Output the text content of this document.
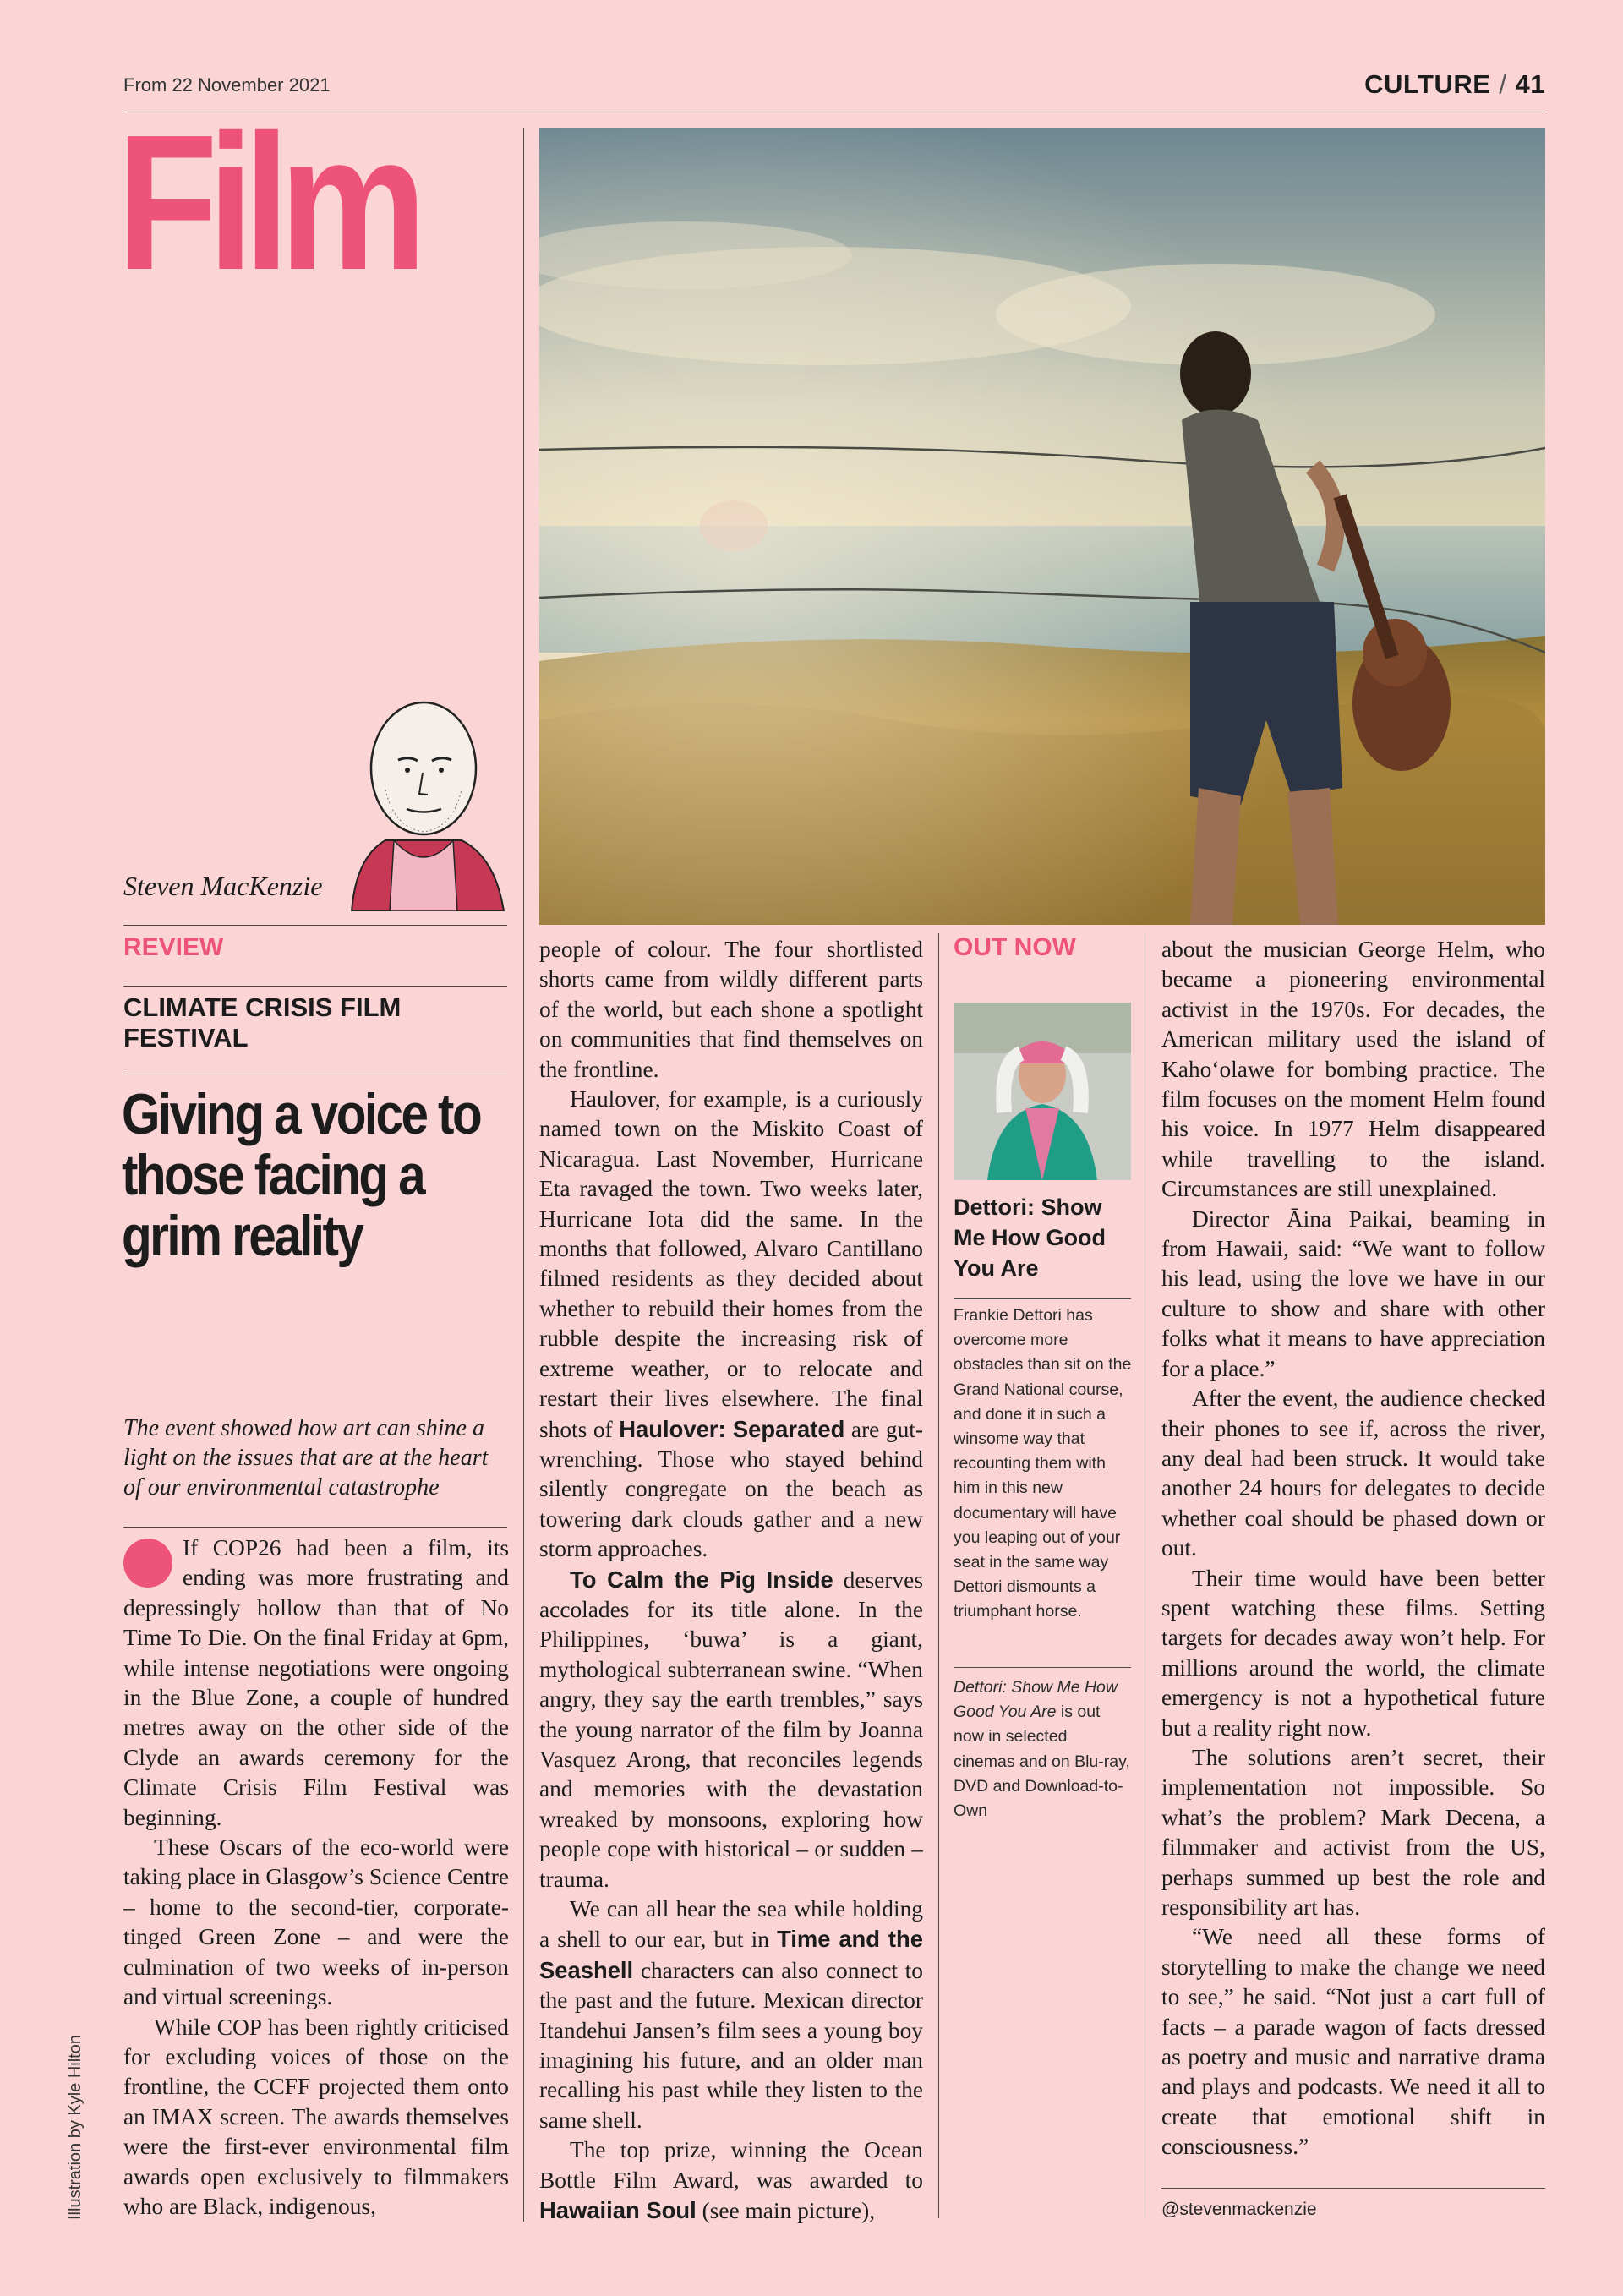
From 22 November 2021	CULTURE / 41
Film
Steven MacKenzie
REVIEW
CLIMATE CRISIS FILM FESTIVAL
Giving a voice to those facing a grim reality
The event showed how art can shine a light on the issues that are at the heart of our environmental catastrophe

If COP26 had been a film, its ending was more frustrating and depressingly hollow than that of No Time To Die. On the final Friday at 6pm, while intense negotiations were ongoing in the Blue Zone, a couple of hundred metres away on the other side of the Clyde an awards ceremony for the Climate Crisis Film Festival was beginning.

These Oscars of the eco-world were taking place in Glasgow’s Science Centre – home to the second-tier, corporate-tinged Green Zone – and were the culmination of two weeks of in-person and virtual screenings.

While COP has been rightly criticised for excluding voices of those on the frontline, the CCFF projected them onto an IMAX screen. The awards themselves were the first-ever environmental film awards open exclusively to filmmakers who are Black, indigenous,

people of colour. The four shortlisted shorts came from wildly different parts of the world, but each shone a spotlight on communities that find themselves on the frontline.

Haulover, for example, is a curiously named town on the Miskito Coast of Nicaragua. Last November, Hurricane Eta ravaged the town. Two weeks later, Hurricane Iota did the same. In the months that followed, Alvaro Cantillano filmed residents as they decided about whether to rebuild their homes from the rubble despite the increasing risk of extreme weather, or to relocate and restart their lives elsewhere. The final shots of Haulover: Separated are gut-wrenching. Those who stayed behind silently congregate on the beach as towering dark clouds gather and a new storm approaches.

To Calm the Pig Inside deserves accolades for its title alone. In the Philippines, ‘buwa’ is a giant, mythological subterranean swine. “When angry, they say the earth trembles,” says the young narrator of the film by Joanna Vasquez Arong, that reconciles legends and memories with the devastation wreaked by monsoons, exploring how people cope with historical – or sudden – trauma.

We can all hear the sea while holding a shell to our ear, but in Time and the Seashell characters can also connect to the past and the future. Mexican director Itandehui Jansen’s film sees a young boy imagining his future, and an older man recalling his past while they listen to the same shell.

The top prize, winning the Ocean Bottle Film Award, was awarded to Hawaiian Soul (see main picture),

OUT NOW
Dettori: Show Me How Good You Are
Frankie Dettori has overcome more obstacles than sit on the Grand National course, and done it in such a winsome way that recounting them with him in this new documentary will have you leaping out of your seat in the same way Dettori dismounts a triumphant horse.
Dettori: Show Me How Good You Are is out now in selected cinemas and on Blu-ray, DVD and Download-to-Own

about the musician George Helm, who became a pioneering environmental activist in the 1970s. For decades, the American military used the island of Kahoʻolawe for bombing practice. The film focuses on the moment Helm found his voice. In 1977 Helm disappeared while travelling to the island. Circumstances are still unexplained.

Director Āina Paikai, beaming in from Hawaii, said: “We want to follow his lead, using the love we have in our culture to show and share with other folks what it means to have appreciation for a place.”

After the event, the audience checked their phones to see if, across the river, any deal had been struck. It would take another 24 hours for delegates to decide whether coal should be phased down or out.

Their time would have been better spent watching these films. Setting targets for decades away won’t help. For millions around the world, the climate emergency is not a hypothetical future but a reality right now.

The solutions aren’t secret, their implementation not impossible. So what’s the problem? Mark Decena, a filmmaker and activist from the US, perhaps summed up best the role and responsibility art has.

“We need all these forms of storytelling to make the change we need to see,” he said. “Not just a cart full of facts – a parade wagon of facts dressed as poetry and music and narrative drama and plays and podcasts. We need it all to create that emotional shift in consciousness.”

@stevenmackenzie
Illustration by Kyle Hilton
